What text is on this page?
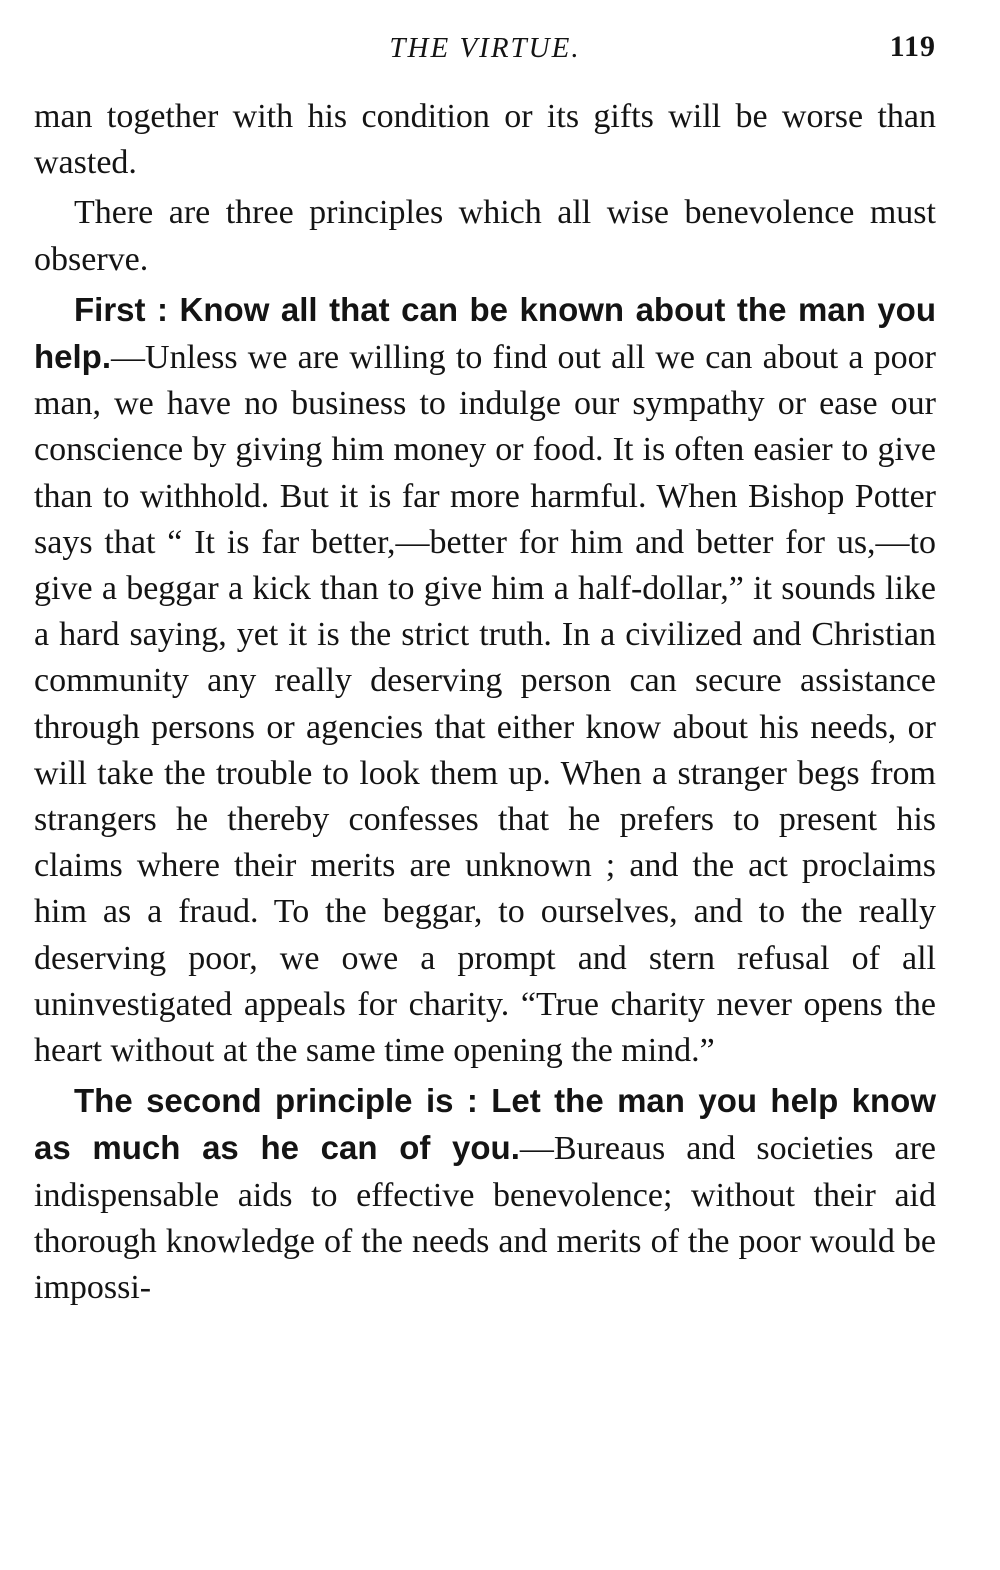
THE VIRTUE.	119

man together with his condition or its gifts will be worse than wasted.

There are three principles which all wise benevolence must observe.

First : Know all that can be known about the man you help.—Unless we are willing to find out all we can about a poor man, we have no business to indulge our sympathy or ease our conscience by giving him money or food. It is often easier to give than to withhold. But it is far more harmful. When Bishop Potter says that “ It is far better,—better for him and better for us,—to give a beggar a kick than to give him a half-dollar,” it sounds like a hard saying, yet it is the strict truth. In a civilized and Christian community any really deserving person can secure assistance through persons or agencies that either know about his needs, or will take the trouble to look them up. When a stranger begs from strangers he thereby confesses that he prefers to present his claims where their merits are unknown ; and the act proclaims him as a fraud. To the beggar, to ourselves, and to the really deserving poor, we owe a prompt and stern refusal of all uninvestigated appeals for charity. “True charity never opens the heart without at the same time opening the mind.”

The second principle is : Let the man you help know as much as he can of you.—Bureaus and societies are indispensable aids to effective benevolence; without their aid thorough knowledge of the needs and merits of the poor would be impossi-
